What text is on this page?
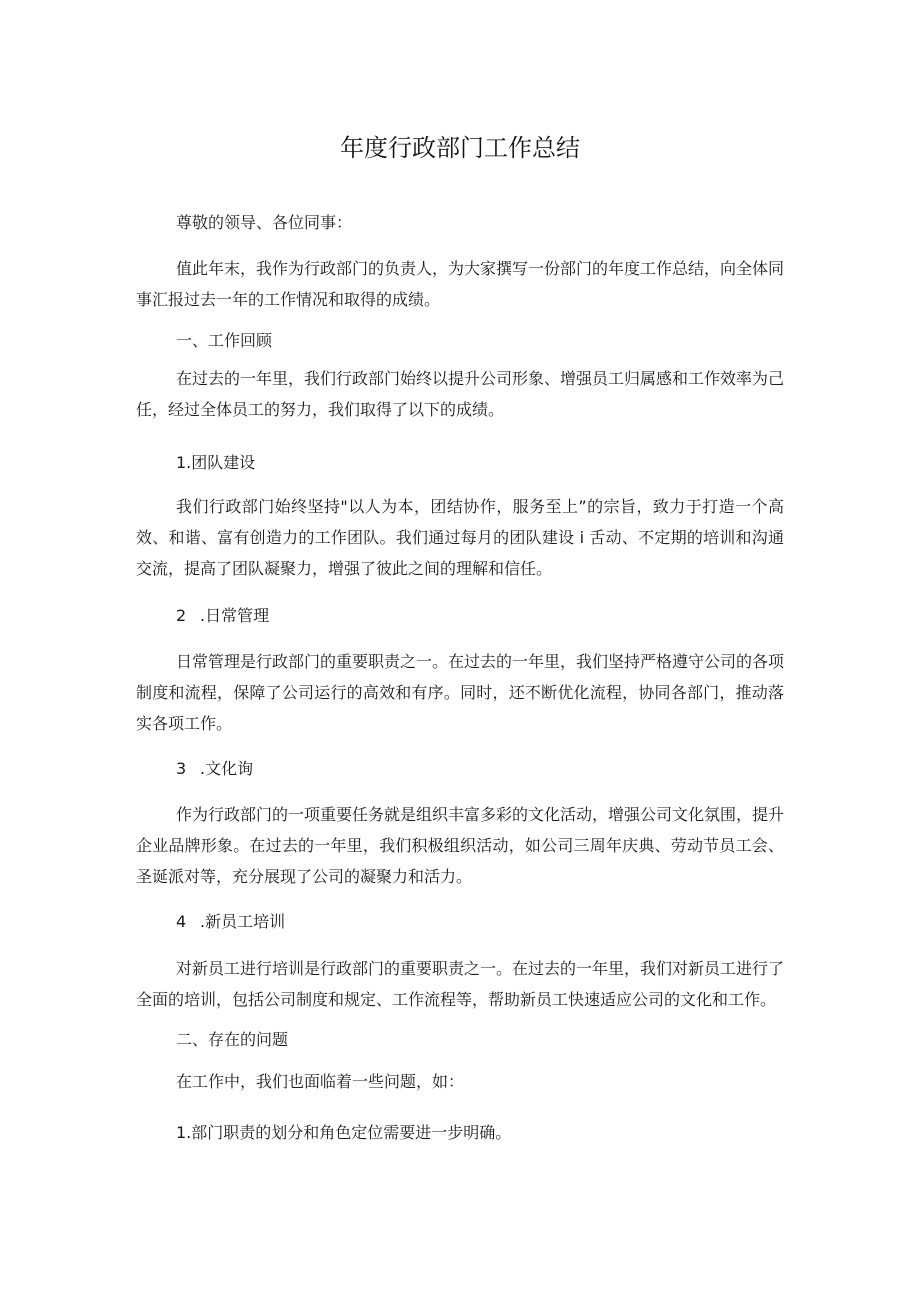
年度行政部门工作总结
尊敬的领导、各位同事：

值此年末，我作为行政部门的负责人，为大家撰写一份部门的年度工作总结，向全体同事汇报过去一年的工作情况和取得的成绩。

一、工作回顾

在过去的一年里，我们行政部门始终以提升公司形象、增强员工归属感和工作效率为己任，经过全体员工的努力，我们取得了以下的成绩。

1.团队建设

我们行政部门始终坚持"以人为本，团结协作，服务至上”的宗旨，致力于打造一个高效、和谐、富有创造力的工作团队。我们通过每月的团队建设 i 舌动、不定期的培训和沟通交流，提高了团队凝聚力，增强了彼此之间的理解和信任。

2 .日常管理

日常管理是行政部门的重要职责之一。在过去的一年里，我们坚持严格遵守公司的各项制度和流程，保障了公司运行的高效和有序。同时，还不断优化流程，协同各部门，推动落实各项工作。

3 .文化询

作为行政部门的一项重要任务就是组织丰富多彩的文化活动，增强公司文化氛围，提升企业品牌形象。在过去的一年里，我们积极组织活动，如公司三周年庆典、劳动节员工会、圣诞派对等，充分展现了公司的凝聚力和活力。

4 .新员工培训

对新员工进行培训是行政部门的重要职责之一。在过去的一年里，我们对新员工进行了全面的培训，包括公司制度和规定、工作流程等，帮助新员工快速适应公司的文化和工作。

二、存在的问题
在工作中，我们也面临着一些问题，如：
1.部门职责的划分和角色定位需要进一步明确。
